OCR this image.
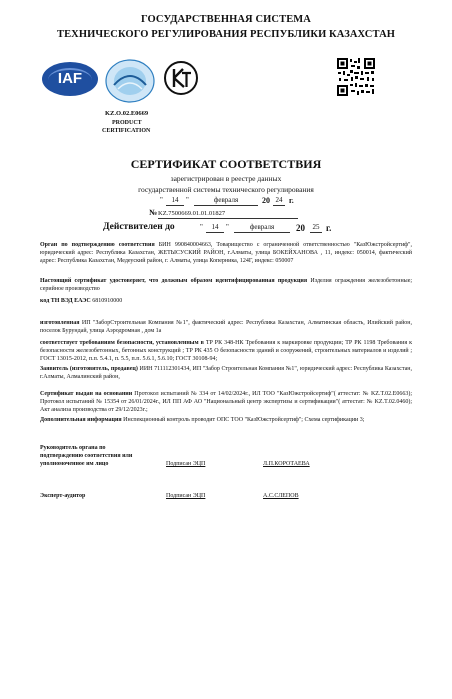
ГОСУДАРСТВЕННАЯ СИСТЕМА
ТЕХНИЧЕСКОГО РЕГУЛИРОВАНИЯ РЕСПУБЛИКИ КАЗАХСТАН
IAF
KZ.O.02.E0669
PRODUCT
CERTIFICATION
СЕРТИФИКАТ СООТВЕТСТВИЯ
зарегистрирован в реестре данных
государственной системы технического регулирования
"	14	"	февраля	20 24 г.
№ KZ.7500669.01.01.01827
Действителен до	"	14	"	февраля	20	25 г.
Орган по подтверждению соответствия БИН 990840004663, Товарищество с ограниченной ответственностью "КазЮжстройсертиф", юридический адрес: Республика Казахстан, ЖЕТЫСУСКИЙ РАЙОН, г.Алматы, улица БОКЕЙХАНОВА , 11, индекс: 050014, фактический адрес: Республика Казахстан, Медеуский район, г. Алматы, улица Коперника, 124Г, индекс: 050007
Настоящий сертификат удостоверяет, что должным образом идентифицированная продукция Изделия ограждения железобетонные; серийное производство
код ТН ВЭД ЕАЭС 6810910000
изготовленная ИП "ЗаборСтроительная Компания №1", фактический адрес: Республика Казахстан, Алматинская область, Илийский район, поселок Бурундай, улица Аэродромная , дом 1а
соответствует требованиям безопасности, установленным в ТР РК 348-НК Требования к маркировке продукции; ТР РК 1198 Требования к безопасности железобетонных, бетонных конструкций ; ТР РК 435 О безопасности зданий и сооружений, строительных материалов и изделий ; ГОСТ 13015-2012, п.п. 5.4.1, п. 5.5, п.п. 5.6.1, 5.6.10; ГОСТ 30108-94;
Заявитель (изготовитель, продавец) ИИН 711112301434, ИП "Забор Строительная Компания №1", юридический адрес: Республика Казахстан, г.Алматы, Алмалинский район,
Сертификат выдан на основании Протокол испытаний № 334 от 14/02/2024г., ИЛ ТОО "КазЮжстройсертиф"( аттестат: № KZ.T.02.E0663); Протокол испытаний № 15354 от 26/01/2024г., ИЛ ПП АФ АО "Национальный центр экспертизы и сертификации"( аттестат: № KZ.T.02.0460); Акт анализа производства от 29/12/2023г.;
Дополнительная информация Инспекционный контроль проводит ОПС ТОО "КазЮжстройсертиф"; Схема сертификации 3;
Руководитель органа по
подтверждению соответствия или
уполномоченное им лицо	Подписан ЭЦП	Л.П.КОРОТАЕВА
Эксперт-аудитор	Подписан ЭЦП	А.С.СЛЕПОВ
